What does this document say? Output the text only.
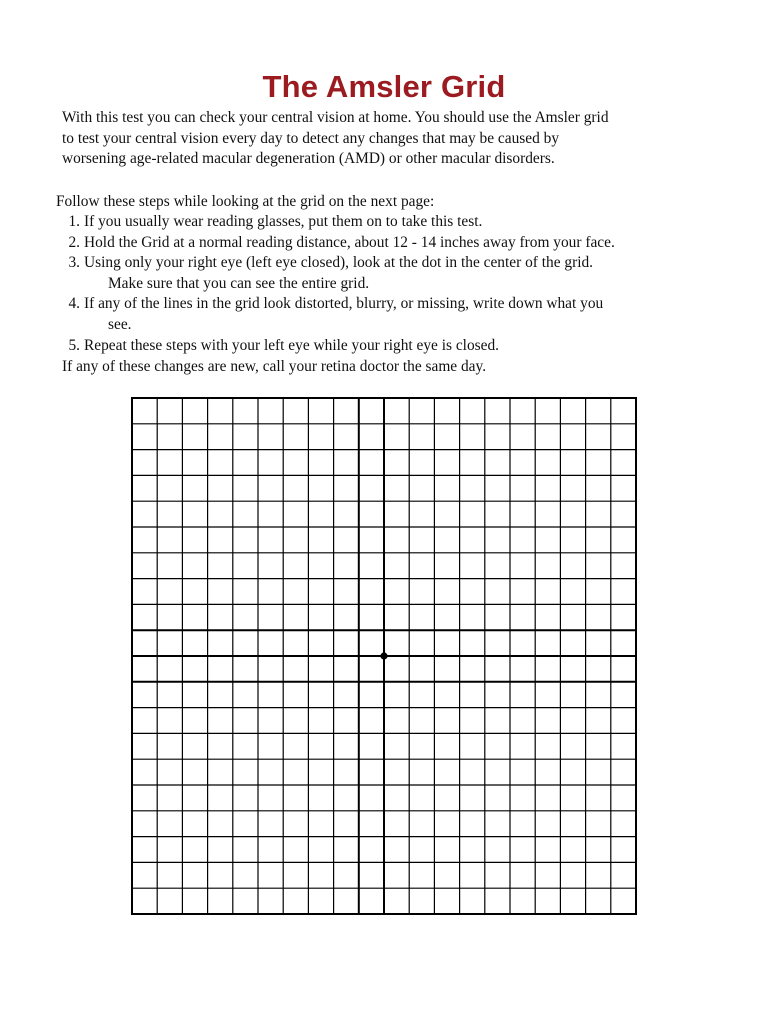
The Amsler Grid

With this test you can check your central vision at home. You should use the Amsler grid
to test your central vision every day to detect any changes that may be caused by
worsening age-related macular degeneration (AMD) or other macular disorders.

Follow these steps while looking at the grid on the next page:

1. If you usually wear reading glasses, put them on to take this test.
2. Hold the Grid at a normal reading distance, about 12 - 14 inches away from your face.
3. Using only your right eye (left eye closed), look at the dot in the center of the grid.
Make sure that you can see the entire grid.
4. If any of the lines in the grid look distorted, blurry, or missing, write down what you
see.
5. Repeat these steps with your left eye while your right eye is closed.

If any of these changes are new, call your retina doctor the same day.
